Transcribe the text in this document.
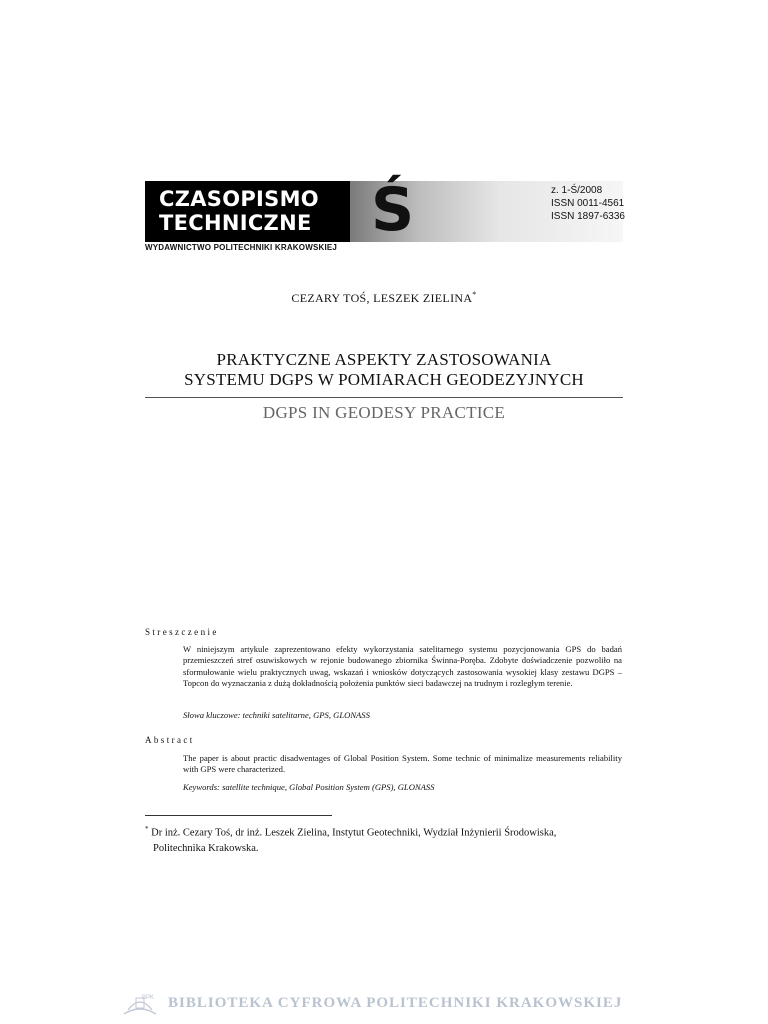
CZASOPISMO
TECHNICZNE Ś	z. 1-Ś/2008
ISSN 0011-4561
ISSN 1897-6336
WYDAWNICTWO POLITECHNIKI KRAKOWSKIEJ
CEZARY TOŚ, LESZEK ZIELINA*
PRAKTYCZNE ASPEKTY ZASTOSOWANIA
SYSTEMU DGPS W POMIARACH GEODEZYJNYCH
DGPS IN GEODESY PRACTICE
Streszczenie
W niniejszym artykule zaprezentowano efekty wykorzystania satelitarnego systemu pozycjonowania GPS do badań przemieszczeń stref osuwiskowych w rejonie budowanego zbiornika Świnna-Poręba. Zdobyte doświadczenie pozwoliło na sformułowanie wielu praktycznych uwag, wskazań i wniosków dotyczących zastosowania wysokiej klasy zestawu DGPS – Topcon do wyznaczania z dużą dokładnością położenia punktów sieci badawczej na trudnym i rozległym terenie.
Słowa kluczowe: techniki satelitarne, GPS, GLONASS
Abstract
The paper is about practic disadwentages of Global Position System. Some technic of minimalize measurements reliability with GPS were characterized.
Keywords: satellite technique, Global Position System (GPS), GLONASS
* Dr inż. Cezary Toś, dr inż. Leszek Zielina, Instytut Geotechniki, Wydział Inżynierii Środowiska,
Politechnika Krakowska.
BPK BIBLIOTEKA CYFROWA POLITECHNIKI KRAKOWSKIEJ
